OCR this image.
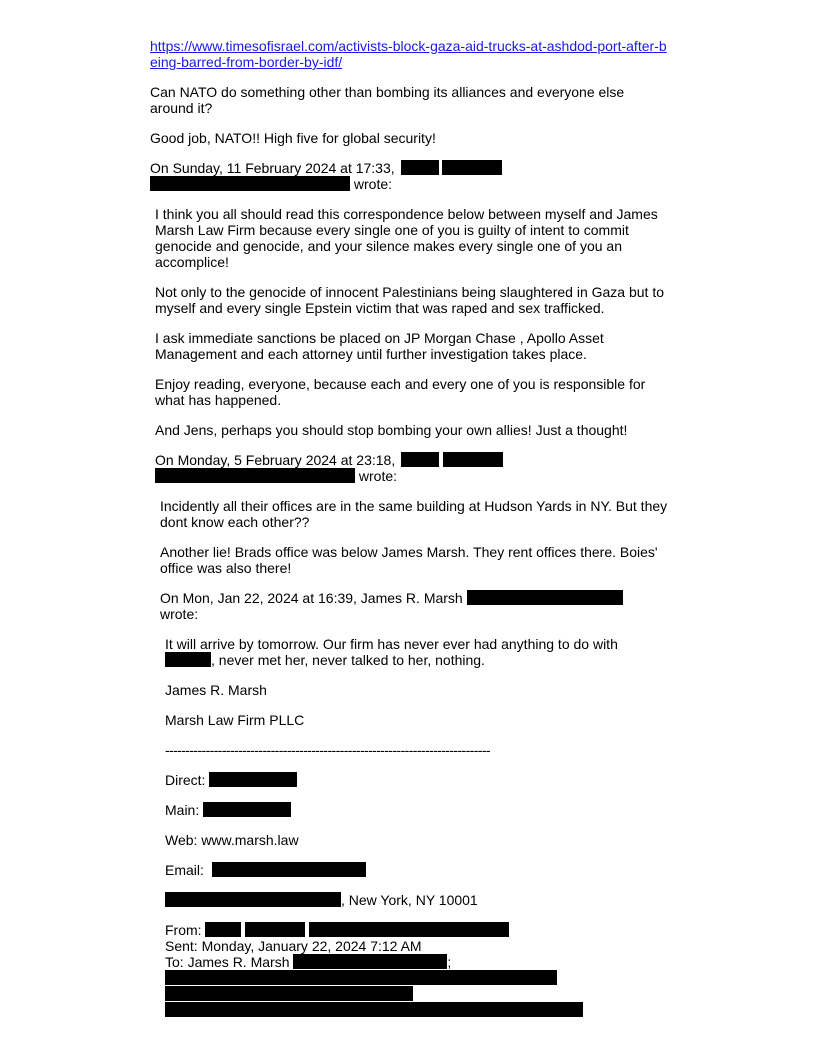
https://www.timesofisrael.com/activists-block-gaza-aid-trucks-at-ashdod-port-after-being-barred-from-border-by-idf/

Can NATO do something other than bombing its alliances and everyone else around it?

Good job, NATO!! High five for global security!

On Sunday, 11 February 2024 at 17:33,
wrote:

I think you all should read this correspondence below between myself and James Marsh Law Firm because every single one of you is guilty of intent to commit genocide and genocide, and your silence makes every single one of you an accomplice!

Not only to the genocide of innocent Palestinians being slaughtered in Gaza but to myself and every single Epstein victim that was raped and sex trafficked.

I ask immediate sanctions be placed on JP Morgan Chase , Apollo Asset Management and each attorney until further investigation takes place.

Enjoy reading, everyone, because each and every one of you is responsible for what has happened.

And Jens, perhaps you should stop bombing your own allies! Just a thought!

On Monday, 5 February 2024 at 23:18,
wrote:

Incidently all their offices are in the same building at Hudson Yards in NY. But they dont know each other??

Another lie! Brads office was below James Marsh. They rent offices there. Boies' office was also there!

On Mon, Jan 22, 2024 at 16:39, James R. Marsh
wrote:

It will arrive by tomorrow. Our firm has never ever had anything to do with
, never met her, never talked to her, nothing.

James R. Marsh

Marsh Law Firm PLLC

--------------------------------------------------------------------------------

Direct:

Main:

Web: www.marsh.law

Email:

, New York, NY 10001

From:

Sent: Monday, January 22, 2024 7:12 AM

To: James R. Marsh	;
